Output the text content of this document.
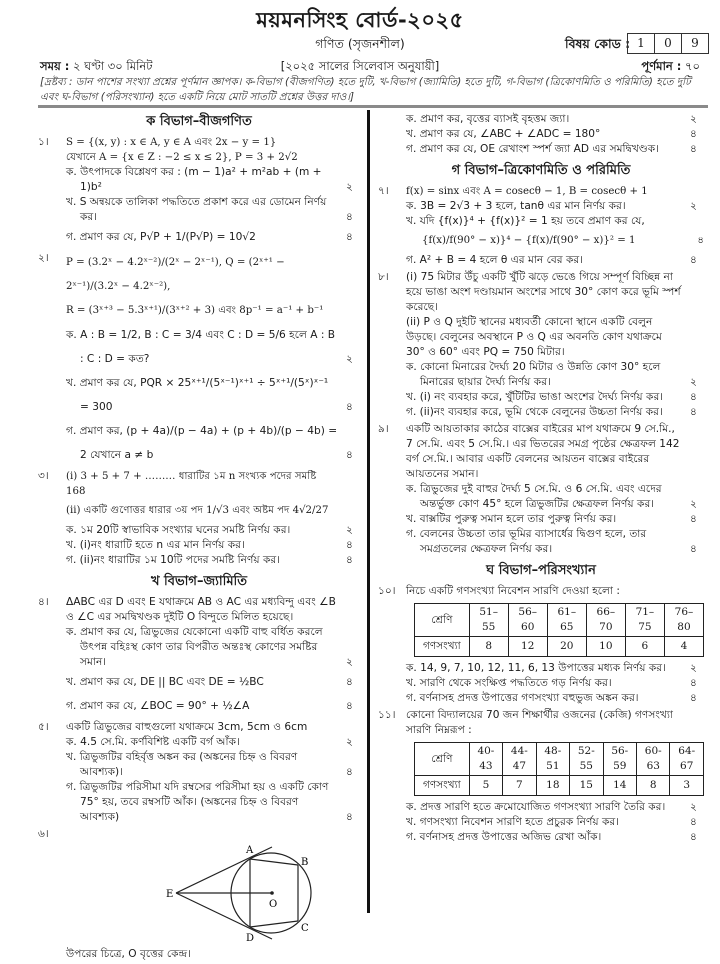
ময়মনসিংহ বোর্ড-২০২৫
গণিত (সৃজনশীল)	বিষয় কোড : 1	0	9
সময় : ২ ঘণ্টা ৩০ মিনিট	[২০২৫ সালের সিলেবাস অনুযায়ী]	পূর্ণমান : ৭০
[দ্রষ্টব্য : ডান পাশের সংখ্যা প্রশ্নের পূর্ণমান জ্ঞাপক। ক-বিভাগ (বীজগণিত) হতে দুটি, খ-বিভাগ (জ্যামিতি) হতে দুটি, গ-বিভাগ (ত্রিকোণমিতি ও পরিমিতি) হতে দুটি এবং ঘ-বিভাগ (পরিসংখ্যান) হতে একটি নিয়ে মোট সাতটি প্রশ্নের উত্তর দাও।]
ক বিভাগ–বীজগণিত
১। S = {(x, y) : x ∈ A, y ∈ A এবং 2x − y = 1}
যেখানে A = {x ∈ Z : −2 ≤ x ≤ 2}, P = 3 + 2√2
ক. উৎপাদকে বিশ্লেষণ কর : (m − 1)a² + m²ab + (m + 1)b²	২
খ. S অন্বয়কে তালিকা পদ্ধতিতে প্রকাশ করে এর ডোমেন নির্ণয় কর।	৪
গ. প্রমাণ কর যে, P√P + 1/(P√P) = 10√2	৪
২। P = (3.2ˣ − 4.2ˣ⁻²)/(2ˣ − 2ˣ⁻¹), Q = (2ˣ⁺¹ − 2ˣ⁻¹)/(3.2ˣ − 4.2ˣ⁻²),
R = (3ˣ⁺³ − 5.3ˣ⁺¹)/(3ˣ⁺² + 3) এবং 8p⁻¹ = a⁻¹ + b⁻¹
ক. A : B = 1/2, B : C = 3/4 এবং C : D = 5/6 হলে A : B : C : D = কত?	২
খ. প্রমাণ কর যে, PQR × 25ˣ⁺¹/(5ˣ⁻¹)ˣ⁺¹ ÷ 5ˣ⁺¹/(5ˣ)ˣ⁻¹ = 300	৪
গ. প্রমাণ কর, (p + 4a)/(p − 4a) + (p + 4b)/(p − 4b) = 2 যেখানে a ≠ b	৪
৩। (i) 3 + 5 + 7 + ……… ধারাটির ১ম n সংখ্যক পদের সমষ্টি 168
(ii) একটি গুণোত্তর ধারার ৩য় পদ 1/√3 এবং অষ্টম পদ 4√2/27
ক. ১ম 20টি স্বাভাবিক সংখ্যার ঘনের সমষ্টি নির্ণয় কর।	২
খ. (i)নং ধারাটি হতে n এর মান নির্ণয় কর।	৪
গ. (ii)নং ধারাটির ১ম 10টি পদের সমষ্টি নির্ণয় কর।	৪
খ বিভাগ–জ্যামিতি
৪। ΔABC এর D এবং E যথাক্রমে AB ও AC এর মধ্যবিন্দু এবং ∠B ও ∠C এর সমদ্বিখণ্ডক দুইটি O বিন্দুতে মিলিত হয়েছে।
ক. প্রমাণ কর যে, ত্রিভুজের যেকোনো একটি বাহু বর্ধিত করলে উৎপন্ন বহিঃস্থ কোণ তার বিপরীত অন্তঃস্থ কোণের সমষ্টির সমান।	২
খ. প্রমাণ কর যে, DE || BC এবং DE = ½BC	৪
গ. প্রমাণ কর যে, ∠BOC = 90° + ½∠A	৪
৫। একটি ত্রিভুজের বাহুগুলো যথাক্রমে 3cm, 5cm ও 6cm
ক. 4.5 সে.মি. কর্ণবিশিষ্ট একটি বর্গ আঁক।	২
খ. ত্রিভুজটির বহির্বৃত্ত অঙ্কন কর (অঙ্কনের চিহ্ন ও বিবরণ আবশ্যক)।	৪
গ. ত্রিভুজটির পরিসীমা যদি রম্বসের পরিসীমা হয় ও একটি কোণ 75° হয়, তবে রম্বসটি আঁক। (অঙ্কনের চিহ্ন ও বিবরণ আবশ্যক)	৪
৬।
A
B
C
D
E
O
উপরের চিত্রে, O বৃত্তের কেন্দ্র।
ক. প্রমাণ কর, বৃত্তের ব্যাসই বৃহত্তম জ্যা।	২
খ. প্রমাণ কর যে, ∠ABC + ∠ADC = 180°	৪
গ. প্রমাণ কর যে, OE রেখাংশ স্পর্শ জ্যা AD এর সমদ্বিখণ্ডক।	৪
গ বিভাগ–ত্রিকোণমিতি ও পরিমিতি
৭। f(x) = sinx এবং A = cosecθ − 1, B = cosecθ + 1
ক. 3B = 2√3 + 3 হলে, tanθ এর মান নির্ণয় কর।	২
খ. যদি {f(x)}⁴ + {f(x)}² = 1 হয় তবে প্রমাণ কর যে,
{f(x)/f(90° − x)}⁴ − {f(x)/f(90° − x)}² = 1	৪
গ. A² + B = 4 হলে θ এর মান বের কর।	৪
৮। (i) 75 মিটার উঁচু একটি খুঁটি ঝড়ে ভেঙে গিয়ে সম্পূর্ণ বিচ্ছিন্ন না হয়ে ভাঙা অংশ দণ্ডায়মান অংশের সাথে 30° কোণ করে ভূমি স্পর্শ করেছে।
(ii) P ও Q দুইটি স্থানের মধ্যবর্তী কোনো স্থানে একটি বেলুন উড়ছে। বেলুনের অবস্থানে P ও Q এর অবনতি কোণ যথাক্রমে 30° ও 60° এবং PQ = 750 মিটার।
ক. কোনো মিনারের দৈর্ঘ্য 20 মিটার ও উন্নতি কোণ 30° হলে মিনারের ছায়ার দৈর্ঘ্য নির্ণয় কর।	২
খ. (i) নং ব্যবহার করে, খুঁটিটির ভাঙা অংশের দৈর্ঘ্য নির্ণয় কর।	৪
গ. (ii)নং ব্যবহার করে, ভূমি থেকে বেলুনের উচ্চতা নির্ণয় কর।	৪
৯। একটি আয়তাকার কাঠের বাক্সের বাইরের মাপ যথাক্রমে 9 সে.মি., 7 সে.মি. এবং 5 সে.মি.। এর ভিতরের সমগ্র পৃষ্ঠের ক্ষেত্রফল 142 বর্গ সে.মি.। আবার একটি বেলনের আয়তন বাক্সের বাইরের আয়তনের সমান।
ক. ত্রিভুজের দুই বাহুর দৈর্ঘ্য 5 সে.মি. ও 6 সে.মি. এবং এদের অন্তর্ভুক্ত কোণ 45° হলে ত্রিভুজটির ক্ষেত্রফল নির্ণয় কর।	২
খ. বাক্সটির পুরুত্ব সমান হলে তার পুরুত্ব নির্ণয় কর।	৪
গ. বেলনের উচ্চতা তার ভূমির ব্যাসার্ধের দ্বিগুণ হলে, তার সমগ্রতলের ক্ষেত্রফল নির্ণয় কর।	৪
ঘ বিভাগ–পরিসংখ্যান
১০। নিচে একটি গণসংখ্যা নিবেশন সারণি দেওয়া হলো :
শ্রেণি	51–55	56–60	61–65	66–70	71–75	76–80
গণসংখ্যা	8	12	20	10	6	4
ক. 14, 9, 7, 10, 12, 11, 6, 13 উপাত্তের মধ্যক নির্ণয় কর। ২
খ. সারণি থেকে সংক্ষিপ্ত পদ্ধতিতে গড় নির্ণয় কর।	৪
গ. বর্ণনাসহ প্রদত্ত উপাত্তের গণসংখ্যা বহুভুজ অঙ্কন কর।	৪
১১। কোনো বিদ্যালয়ের 70 জন শিক্ষার্থীর ওজনের (কেজি) গণসংখ্যা সারণি নিম্নরূপ :
শ্রেণি	40-43	44-47	48-51	52-55	56-59	60-63	64-67
গণসংখ্যা	5	7	18	15	14	8	3
ক. প্রদত্ত সারণি হতে ক্রমোযোজিত গণসংখ্যা সারণি তৈরি কর। ২
খ. গণসংখ্যা নিবেশন সারণি হতে প্রচুরক নির্ণয় কর।	৪
গ. বর্ণনাসহ প্রদত্ত উপাত্তের অজিভ রেখা আঁক।	৪
